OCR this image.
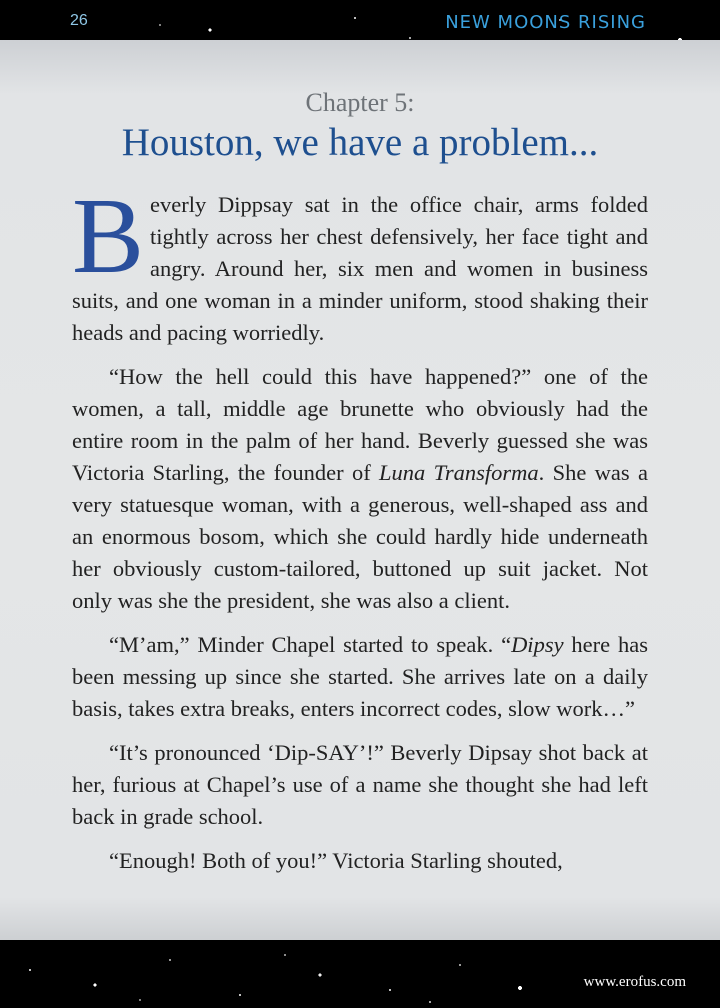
26	NEW MOONS RISING
Chapter 5:
Houston, we have a problem...

Beverly Dippsay sat in the office chair, arms folded tightly across her chest defensively, her face tight and angry. Around her, six men and women in business suits, and one woman in a minder uniform, stood shaking their heads and pacing worriedly.

“How the hell could this have happened?” one of the women, a tall, middle age brunette who obviously had the entire room in the palm of her hand. Beverly guessed she was Victoria Starling, the founder of Luna Transforma. She was a very statuesque woman, with a generous, well-shaped ass and an enormous bosom, which she could hardly hide underneath her obviously custom-tailored, buttoned up suit jacket. Not only was she the president, she was also a client.

“M’am,” Minder Chapel started to speak. “Dipsy here has been messing up since she started. She arrives late on a daily basis, takes extra breaks, enters incorrect codes, slow work…”

“It’s pronounced ‘Dip-SAY’!” Beverly Dipsay shot back at her, furious at Chapel’s use of a name she thought she had left back in grade school.

“Enough! Both of you!” Victoria Starling shouted,

www.erofus.com
